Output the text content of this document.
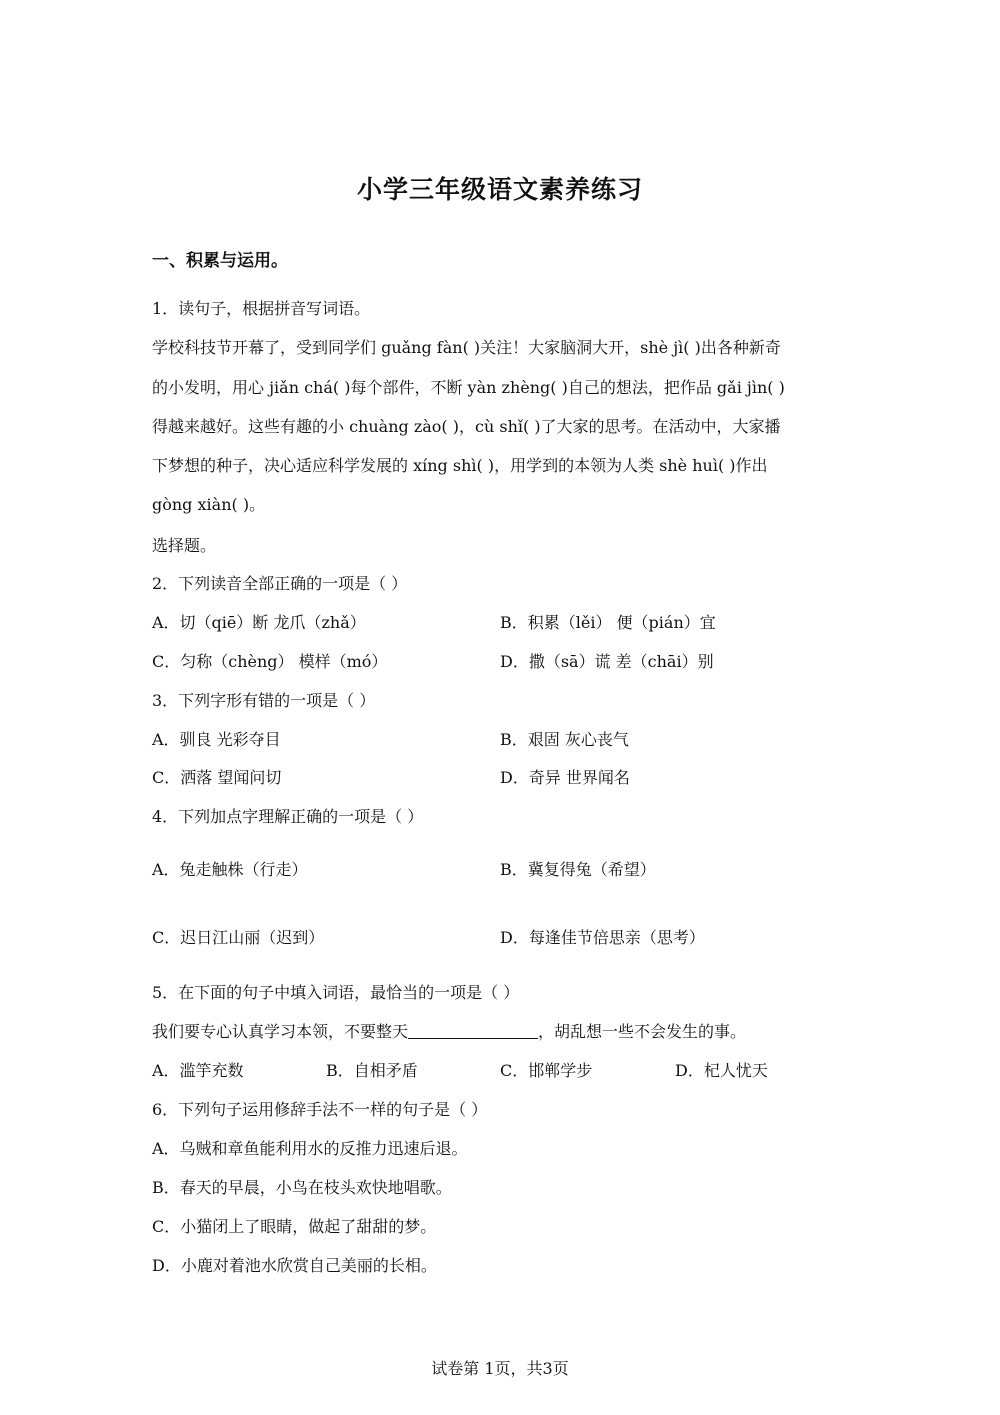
小学三年级语文素养练习
一、积累与运用。
1．读句子，根据拼音写词语。
学校科技节开幕了，受到同学们 guǎng fàn( )关注！大家脑洞大开，shè jì( )出各种新奇
的小发明，用心 jiǎn chá( )每个部件，不断 yàn zhèng( )自己的想法，把作品 gǎi jìn( )
得越来越好。这些有趣的小 chuàng zào( )，cù shǐ( )了大家的思考。在活动中，大家播
下梦想的种子，决心适应科学发展的 xíng shì( )，用学到的本领为人类 shè huì( )作出
gòng xiàn( )。
选择题。
2．下列读音全部正确的一项是（ ）
A．切（qiē）断 龙爪（zhǎ）	B．积累（lěi） 便（pián）宜
C．匀称（chèng） 模样（mó）	D．撒（sā）谎 差（chāi）别
3．下列字形有错的一项是（ ）
A．驯良 光彩夺目	B．艰固 灰心丧气
C．洒落 望闻问切	D．奇异 世界闻名
4．下列加点字理解正确的一项是（ ）
A．兔走触株（行走）	B．冀复得兔（希望）
C．迟日江山丽（迟到）	D．每逢佳节倍思亲（思考）
5．在下面的句子中填入词语，最恰当的一项是（ ）
我们要专心认真学习本领，不要整天	，胡乱想一些不会发生的事。
A．滥竽充数	B．自相矛盾	C．邯郸学步	D．杞人忧天
6．下列句子运用修辞手法不一样的句子是（ ）
A．乌贼和章鱼能利用水的反推力迅速后退。
B．春天的早晨，小鸟在枝头欢快地唱歌。
C．小猫闭上了眼睛，做起了甜甜的梦。
D．小鹿对着池水欣赏自己美丽的长相。
试卷第 1页，共3页
